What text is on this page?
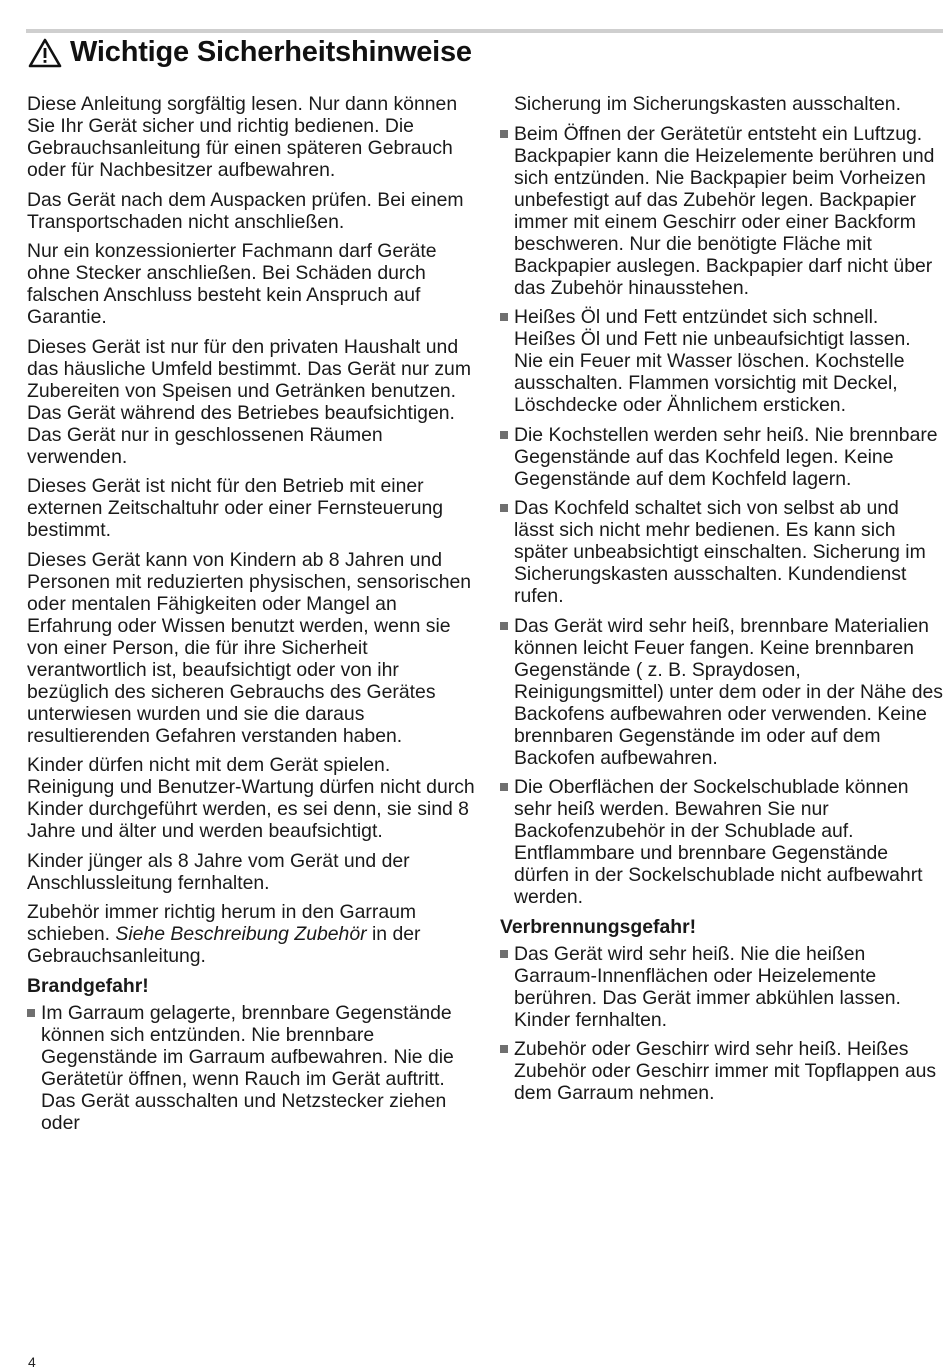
Wichtige Sicherheitshinweise

Diese Anleitung sorgfältig lesen. Nur dann können Sie Ihr Gerät sicher und richtig bedienen. Die Gebrauchsanleitung für einen späteren Gebrauch oder für Nachbesitzer aufbewahren.

Das Gerät nach dem Auspacken prüfen. Bei einem Transportschaden nicht anschließen.

Nur ein konzessionierter Fachmann darf Geräte ohne Stecker anschließen. Bei Schäden durch falschen Anschluss besteht kein Anspruch auf Garantie.

Dieses Gerät ist nur für den privaten Haushalt und das häusliche Umfeld bestimmt. Das Gerät nur zum Zubereiten von Speisen und Getränken benutzen. Das Gerät während des Betriebes beaufsichtigen. Das Gerät nur in geschlossenen Räumen verwenden.

Dieses Gerät ist nicht für den Betrieb mit einer externen Zeitschaltuhr oder einer Fernsteuerung bestimmt.

Dieses Gerät kann von Kindern ab 8 Jahren und Personen mit reduzierten physischen, sensorischen oder mentalen Fähigkeiten oder Mangel an Erfahrung oder Wissen benutzt werden, wenn sie von einer Person, die für ihre Sicherheit verantwortlich ist, beaufsichtigt oder von ihr bezüglich des sicheren Gebrauchs des Gerätes unterwiesen wurden und sie die daraus resultierenden Gefahren verstanden haben.

Kinder dürfen nicht mit dem Gerät spielen. Reinigung und Benutzer-Wartung dürfen nicht durch Kinder durchgeführt werden, es sei denn, sie sind 8 Jahre und älter und werden beaufsichtigt.

Kinder jünger als 8 Jahre vom Gerät und der Anschlussleitung fernhalten.

Zubehör immer richtig herum in den Garraum schieben. Siehe Beschreibung Zubehör in der Gebrauchsanleitung.

Brandgefahr!

Im Garraum gelagerte, brennbare Gegenstände können sich entzünden. Nie brennbare Gegenstände im Garraum aufbewahren. Nie die Gerätetür öffnen, wenn Rauch im Gerät auftritt. Das Gerät ausschalten und Netzstecker ziehen oder

Sicherung im Sicherungskasten ausschalten.

Beim Öffnen der Gerätetür entsteht ein Luftzug. Backpapier kann die Heizelemente berühren und sich entzünden. Nie Backpapier beim Vorheizen unbefestigt auf das Zubehör legen. Backpapier immer mit einem Geschirr oder einer Backform beschweren. Nur die benötigte Fläche mit Backpapier auslegen. Backpapier darf nicht über das Zubehör hinausstehen.

Heißes Öl und Fett entzündet sich schnell. Heißes Öl und Fett nie unbeaufsichtigt lassen. Nie ein Feuer mit Wasser löschen. Kochstelle ausschalten. Flammen vorsichtig mit Deckel, Löschdecke oder Ähnlichem ersticken.

Die Kochstellen werden sehr heiß. Nie brennbare Gegenstände auf das Kochfeld legen. Keine Gegenstände auf dem Kochfeld lagern.

Das Kochfeld schaltet sich von selbst ab und lässt sich nicht mehr bedienen. Es kann sich später unbeabsichtigt einschalten. Sicherung im Sicherungskasten ausschalten. Kundendienst rufen.

Das Gerät wird sehr heiß, brennbare Materialien können leicht Feuer fangen. Keine brennbaren Gegenstände ( z. B. Spraydosen, Reinigungsmittel) unter dem oder in der Nähe des Backofens aufbewahren oder verwenden. Keine brennbaren Gegenstände im oder auf dem Backofen aufbewahren.

Die Oberflächen der Sockelschublade können sehr heiß werden. Bewahren Sie nur Backofenzubehör in der Schublade auf. Entflammbare und brennbare Gegenstände dürfen in der Sockelschublade nicht aufbewahrt werden.

Verbrennungsgefahr!

Das Gerät wird sehr heiß. Nie die heißen Garraum-Innenflächen oder Heizelemente berühren. Das Gerät immer abkühlen lassen. Kinder fernhalten.

Zubehör oder Geschirr wird sehr heiß. Heißes Zubehör oder Geschirr immer mit Topflappen aus dem Garraum nehmen.

4
